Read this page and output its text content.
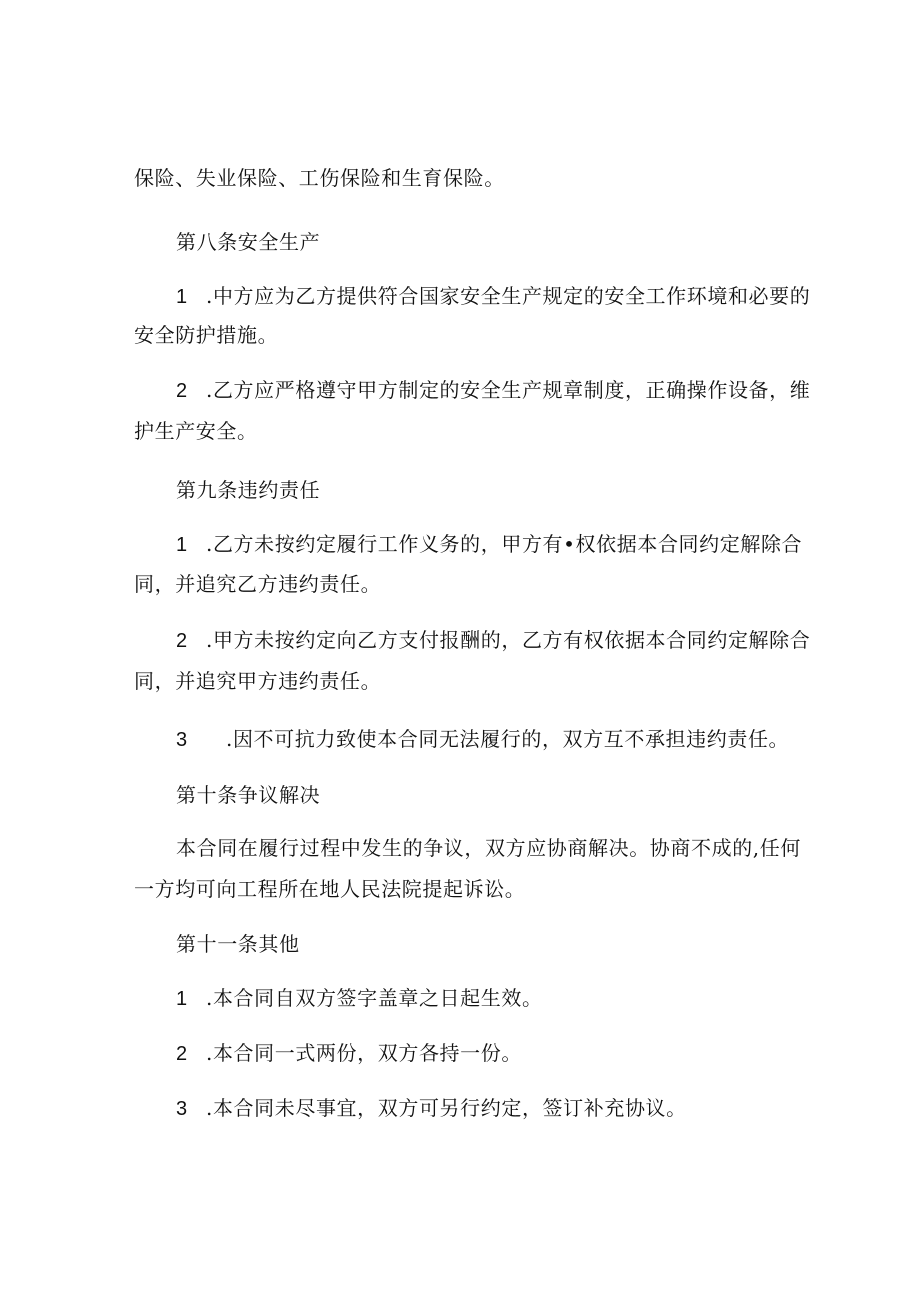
保险、失业保险、工伤保险和生育保险。
第八条安全生产
1 .中方应为乙方提供符合国家安全生产规定的安全工作环境和必要的
安全防护措施。
2 .乙方应严格遵守甲方制定的安全生产规章制度，正确操作设备，维
护生产安全。
第九条违约责任
1 .乙方未按约定履行工作义务的，甲方有•权依据本合同约定解除合
同，并追究乙方违约责任。
2 .甲方未按约定向乙方支付报酬的，乙方有权依据本合同约定解除合
同，并追究甲方违约责任。
3 .因不可抗力致使本合同无法履行的，双方互不承担违约责任。
第十条争议解决
本合同在履行过程中发生的争议，双方应协商解决。协商不成的,任何
一方均可向工程所在地人民法院提起诉讼。
第十一条其他
1 .本合同自双方签字盖章之日起生效。
2 .本合同一式两份，双方各持一份。
3 .本合同未尽事宜，双方可另行约定，签订补充协议。
